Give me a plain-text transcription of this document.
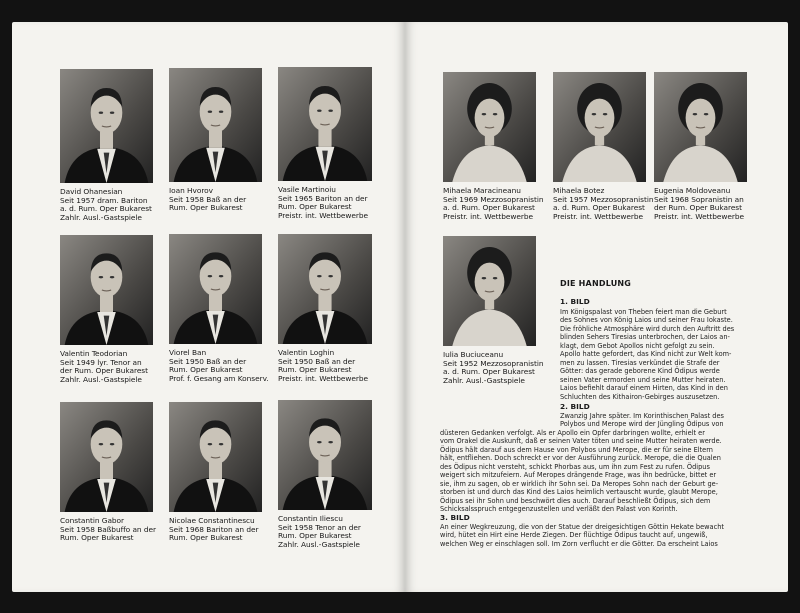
David Ohanesian
Seit 1957 dram. Bariton
a. d. Rum. Oper Bukarest
Zahlr. Ausl.-Gastspiele
Ioan Hvorov
Seit 1958 Baß an der
Rum. Oper Bukarest
Vasile Martinoiu
Seit 1965 Bariton an der
Rum. Oper Bukarest
Preistr. int. Wettbewerbe
Mihaela Maracineanu
Seit 1969 Mezzosopranistin
a. d. Rum. Oper Bukarest
Preistr. int. Wettbewerbe
Mihaela Botez
Seit 1957 Mezzosopranistin
a. d. Rum. Oper Bukarest
Preistr. int. Wettbewerbe
Eugenia Moldoveanu
Seit 1968 Sopranistin an
der Rum. Oper Bukarest
Preistr. int. Wettbewerbe
Valentin Teodorian
Seit 1949 lyr. Tenor an
der Rum. Oper Bukarest
Zahlr. Ausl.-Gastspiele
Viorel Ban
Seit 1950 Baß an der
Rum. Oper Bukarest
Prof. f. Gesang am Konserv.
Valentin Loghin
Seit 1950 Baß an der
Rum. Oper Bukarest
Preistr. int. Wettbewerbe
Iulia Buciuceanu
Seit 1952 Mezzosopranistin
a. d. Rum. Oper Bukarest
Zahlr. Ausl.-Gastspiele
Constantin Gabor
Seit 1958 Baßbuffo an der
Rum. Oper Bukarest
Nicolae Constantinescu
Seit 1968 Bariton an der
Rum. Oper Bukarest
Constantin Iliescu
Seit 1958 Tenor an der
Rum. Oper Bukarest
Zahlr. Ausl.-Gastspiele
DIE HANDLUNG
1. BILD
Im Königspalast von Theben feiert man die Geburt
des Sohnes von König Laios und seiner Frau Iokaste.
Die fröhliche Atmosphäre wird durch den Auftritt des
blinden Sehers Tiresias unterbrochen, der Laios an-
klagt, dem Gebot Apollos nicht gefolgt zu sein.
Apollo hatte gefordert, das Kind nicht zur Welt kom-
men zu lassen. Tiresias verkündet die Strafe der
Götter: das gerade geborene Kind Ödipus werde
seinen Vater ermorden und seine Mutter heiraten.
Laios befiehlt darauf einem Hirten, das Kind in den
Schluchten des Kithairon-Gebirges auszusetzen.
2. BILD
Zwanzig Jahre später. Im Korinthischen Palast des
Polybos und Merope wird der Jüngling Ödipus von
düsteren Gedanken verfolgt. Als er Apollo ein Opfer darbringen wollte, erhielt er
vom Orakel die Auskunft, daß er seinen Vater töten und seine Mutter heiraten werde.
Ödipus hält darauf aus dem Hause von Polybos und Merope, die er für seine Eltern
hält, entfliehen. Doch schreckt er vor der Ausführung zurück. Merope, die die Qualen
des Ödipus nicht versteht, schickt Phorbas aus, um ihn zum Fest zu rufen. Ödipus
weigert sich mitzufeiern. Auf Meropes drängende Frage, was ihn bedrücke, bittet er
sie, ihm zu sagen, ob er wirklich ihr Sohn sei. Da Meropes Sohn nach der Geburt ge-
storben ist und durch das Kind des Laios heimlich vertauscht wurde, glaubt Merope,
Ödipus sei ihr Sohn und beschwört dies auch. Darauf beschließt Ödipus, sich dem
Schicksalsspruch entgegenzustellen und verläßt den Palast von Korinth.
3. BILD
An einer Wegkreuzung, die von der Statue der dreigesichtigen Göttin Hekate bewacht
wird, hütet ein Hirt eine Herde Ziegen. Der flüchtige Ödipus taucht auf, ungewiß,
welchen Weg er einschlagen soll. Im Zorn verflucht er die Götter. Da erscheint Laios
